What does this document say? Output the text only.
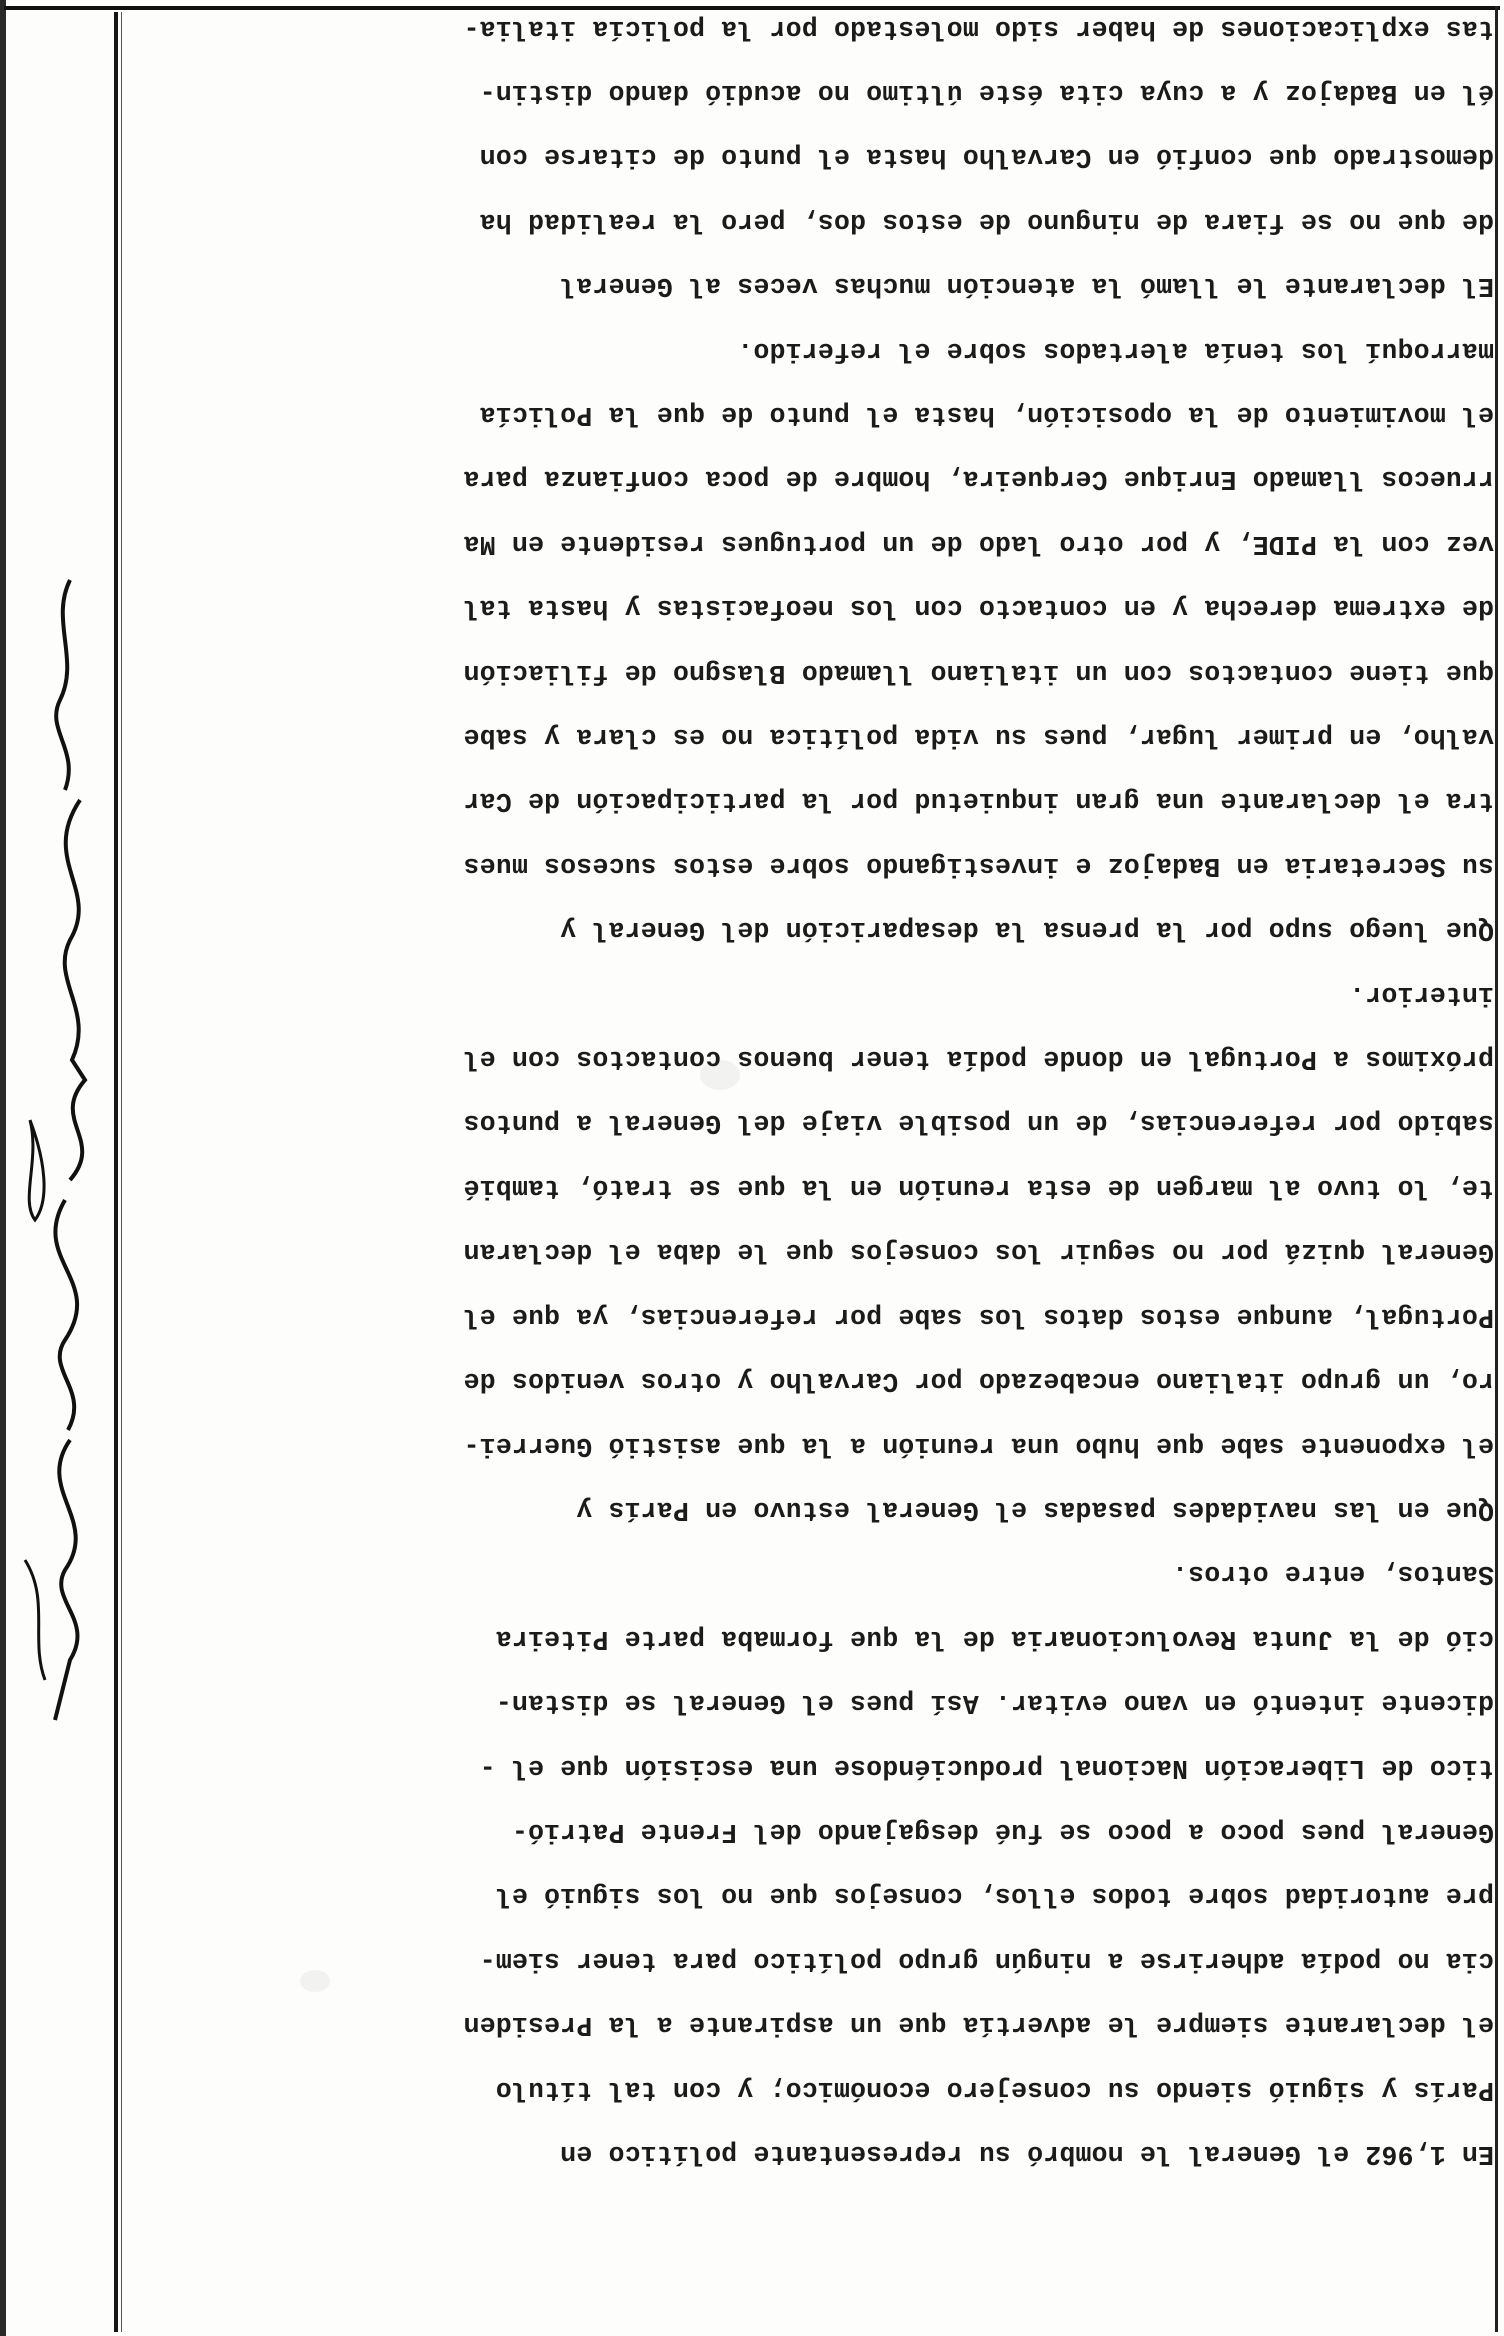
En 1,962 el General le nombró su representante político en

París y siguió siendo su consejero económico; y con tal título

el declarante siempre le advertía que un aspirante a la Presiden

cia no podía adherirse a ningún grupo político para tener siem-

pre autoridad sobre todos ellos, consejos que no los siguió el

General pues poco a poco se fué desgajando del Frente Patrió-

tico de Liberación Nacional produciéndose una escisión que el -

dicente intentó en vano evitar. Así pues el General se distan-

ció de la Junta Revolucionaria de la que formaba parte Piteira

Santos, entre otros.

Que en las navidades pasadas el General estuvo en París y

el exponente sabe que hubo una reunión a la que asistió Guerrei-

ro, un grupo italiano encabezado por Carvalho y otros venidos de

Portugal, aunque estos datos los sabe por referencias, ya que el

General quizá por no seguir los consejos que le daba el declaran

te, lo tuvo al margen de esta reunión en la que se trató, tambié

sabido por referencias, de un posible viaje del General a puntos

próximos a Portugal en donde podía tener buenos contactos con el

interior.

Que luego supo por la prensa la desaparición del General y

su Secretaria en Badajoz e investigando sobre estos sucesos mues

tra el declarante una gran inquietud por la participación de Car

valho, en primer lugar, pues su vida política no es clara y sabe

que tiene contactos con un italiano llamado Blasgno de filiación

de extrema derecha y en contacto con los neofacistas y hasta tal

vez con la PIDE, y por otro lado de un portugues residente en Ma

rruecos llamado Enrique Cerqueira, hombre de poca confianza para

el movimiento de la oposición, hasta el punto de que la Policía

marroquí los tenía alertados sobre el referido.

El declarante le llamó la atención muchas veces al General

de que no se fiara de ninguno de estos dos, pero la realidad ha

demostrado que confió en Carvalho hasta el punto de citarse con

él en Badajoz y a cuya cita éste último no acudió dando distin-

tas explicaciones de haber sido molestado por la policía italia-
